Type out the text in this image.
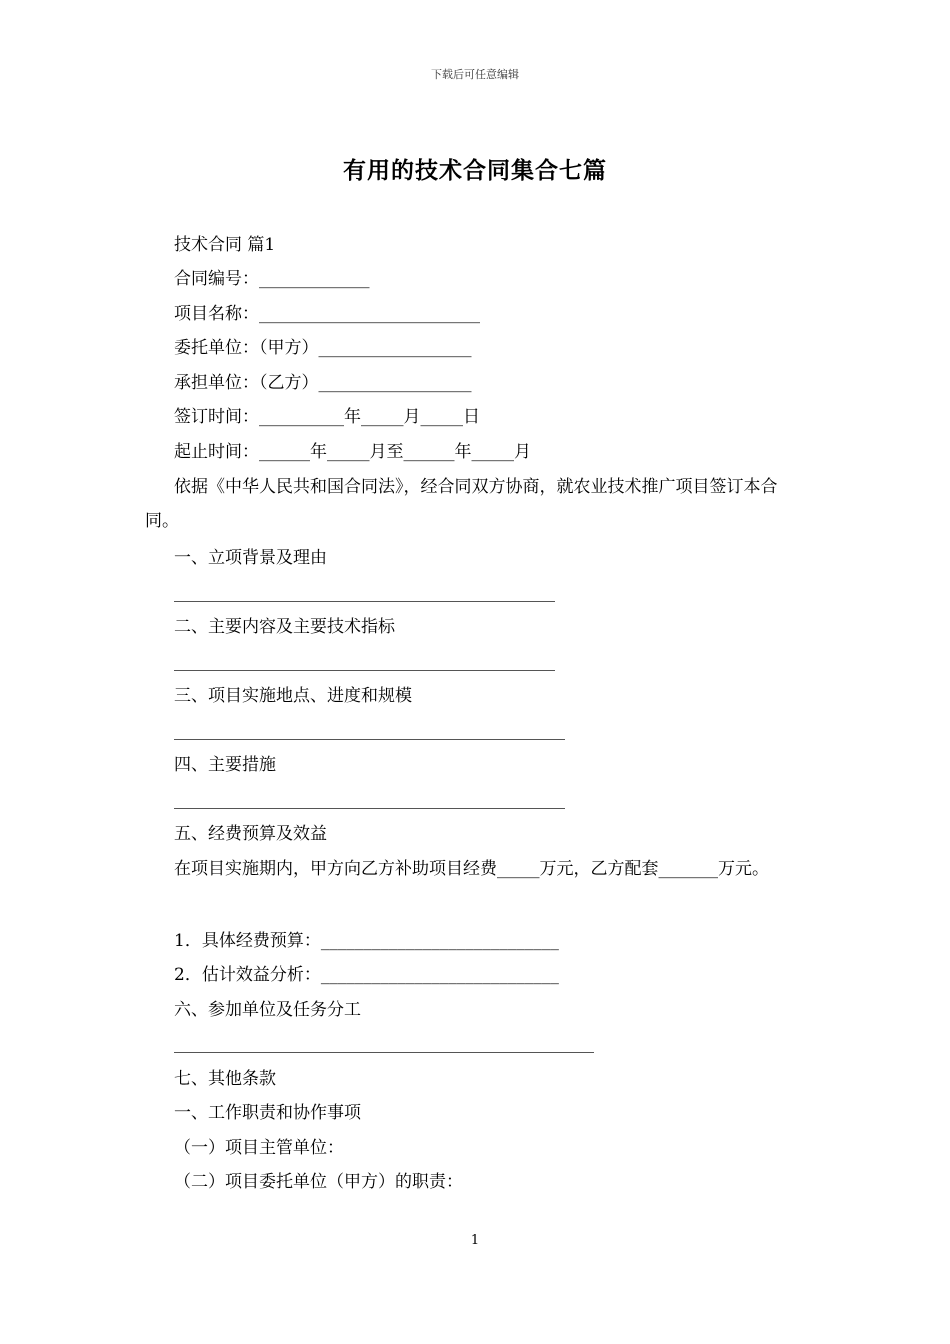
下载后可任意编辑
有用的技术合同集合七篇
技术合同 篇1
合同编号：_____________
项目名称：__________________________
委托单位：（甲方）__________________
承担单位：（乙方）__________________
签订时间：__________年_____月_____日
起止时间：______年_____月至______年_____月
依据《中华人民共和国合同法》，经合同双方协商，就农业技术推广项目签订本合同。
一、立项背景及理由
二、主要内容及主要技术指标
三、项目实施地点、进度和规模
四、主要措施
五、经费预算及效益
在项目实施期内，甲方向乙方补助项目经费_____万元，乙方配套_______万元。
1．具体经费预算：____________________________
2．估计效益分析：____________________________
六、参加单位及任务分工
七、其他条款
一、工作职责和协作事项
（一）项目主管单位：
（二）项目委托单位（甲方）的职责：
1
